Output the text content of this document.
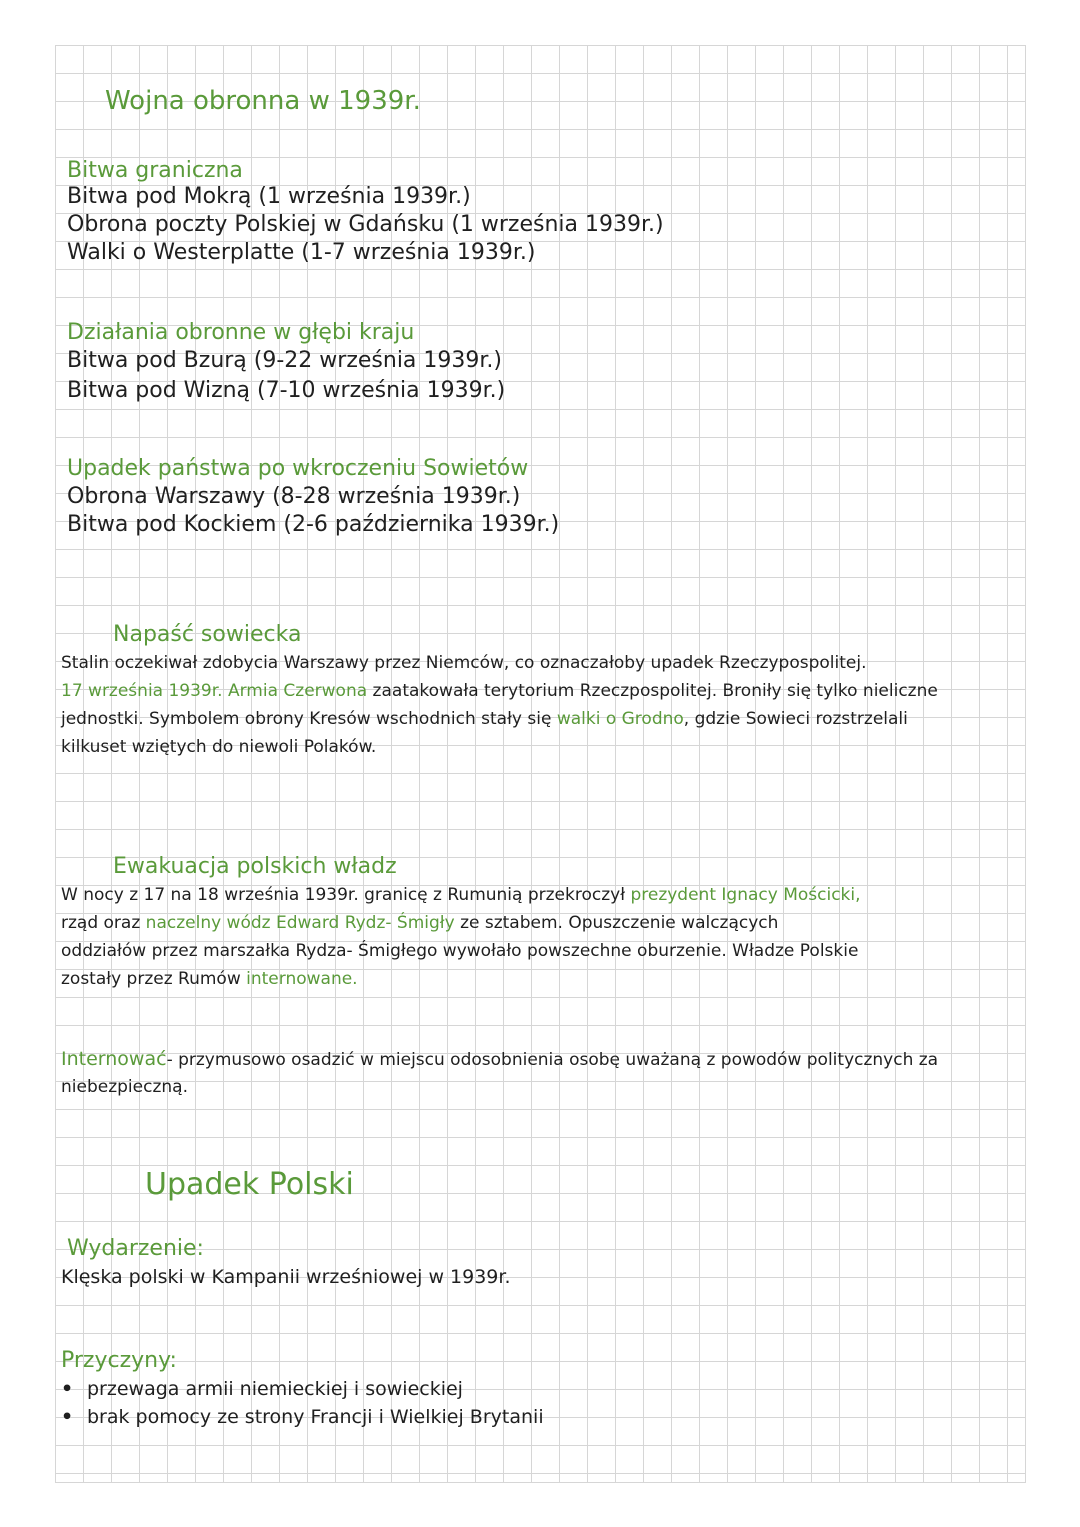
Wojna obronna w 1939r.
Bitwa graniczna
Bitwa pod Mokrą (1 września 1939r.)
Obrona poczty Polskiej w Gdańsku (1 września 1939r.)
Walki o Westerplatte (1-7 września 1939r.)
Działania obronne w głębi kraju
Bitwa pod Bzurą (9-22 września 1939r.)
Bitwa pod Wizną (7-10 września 1939r.)
Upadek państwa po wkroczeniu Sowietów
Obrona Warszawy (8-28 września 1939r.)
Bitwa pod Kockiem (2-6 października 1939r.)
Napaść sowiecka
Stalin oczekiwał zdobycia Warszawy przez Niemców, co oznaczałoby upadek Rzeczypospolitej.
17 września 1939r. Armia Czerwona zaatakowała terytorium Rzeczpospolitej. Broniły się tylko nieliczne
jednostki. Symbolem obrony Kresów wschodnich stały się walki o Grodno, gdzie Sowieci rozstrzelali
kilkuset wziętych do niewoli Polaków.
Ewakuacja polskich władz
W nocy z 17 na 18 września 1939r. granicę z Rumunią przekroczył prezydent Ignacy Mościcki,
rząd oraz naczelny wódz Edward Rydz- Śmigły ze sztabem. Opuszczenie walczących
oddziałów przez marszałka Rydza- Śmigłego wywołało powszechne oburzenie. Władze Polskie
zostały przez Rumów internowane.
Internować- przymusowo osadzić w miejscu odosobnienia osobę uważaną z powodów politycznych za
niebezpieczną.
Upadek Polski
Wydarzenie:
Klęska polski w Kampanii wrześniowej w 1939r.
Przyczyny:
• przewaga armii niemieckiej i sowieckiej
• brak pomocy ze strony Francji i Wielkiej Brytanii
